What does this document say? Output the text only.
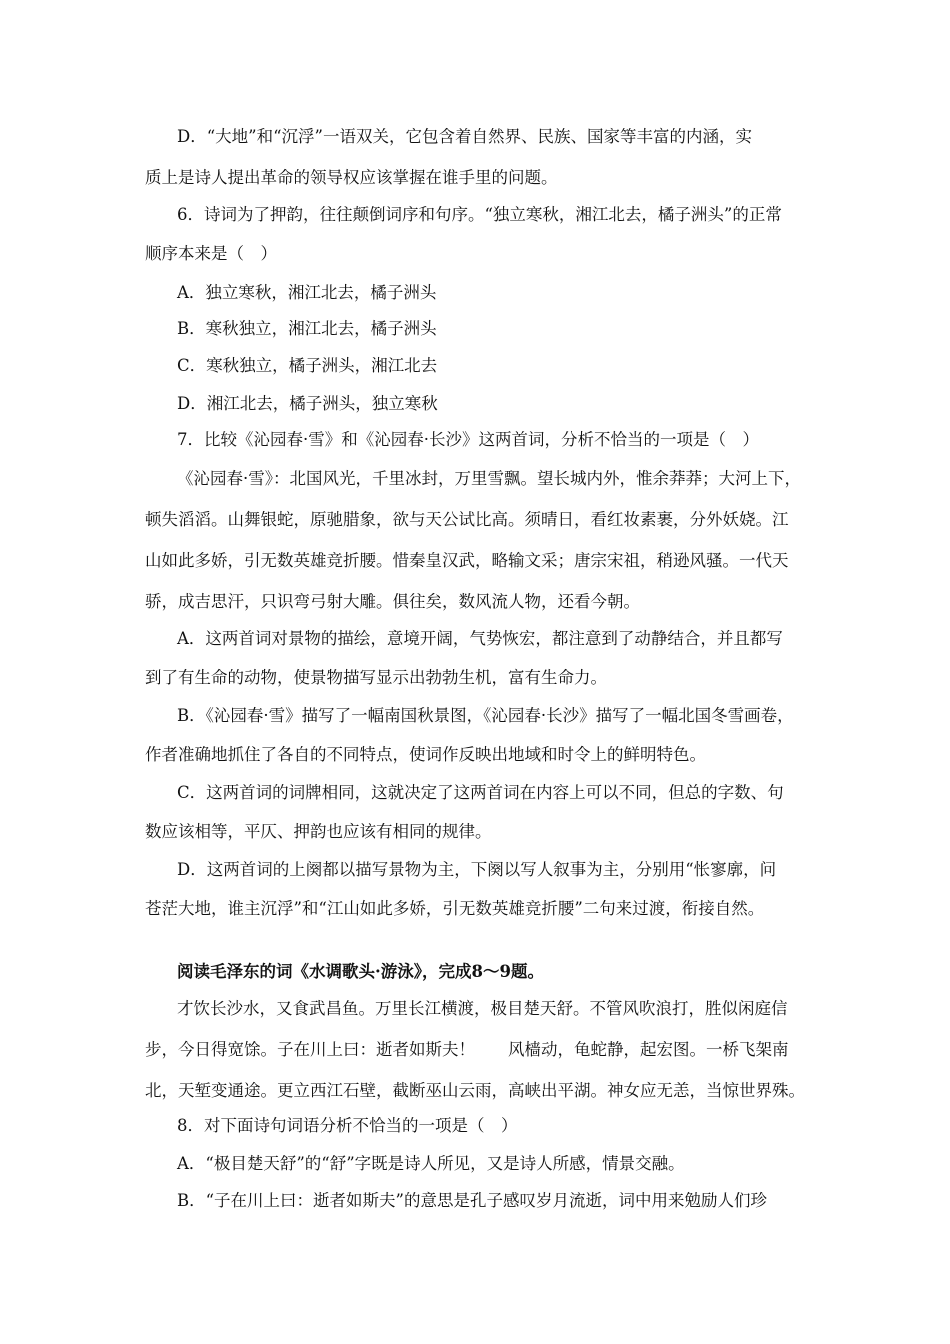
D．“大地”和“沉浮”一语双关，它包含着自然界、民族、国家等丰富的内涵，实

质上是诗人提出革命的领导权应该掌握在谁手里的问题。

6．诗词为了押韵，往往颠倒词序和句序。“独立寒秋，湘江北去，橘子洲头”的正常

顺序本来是（　）

A．独立寒秋，湘江北去，橘子洲头

B．寒秋独立，湘江北去，橘子洲头

C．寒秋独立，橘子洲头，湘江北去

D．湘江北去，橘子洲头，独立寒秋

7．比较《沁园春·雪》和《沁园春·长沙》这两首词，分析不恰当的一项是（　）

《沁园春·雪》：北国风光，千里冰封，万里雪飘。望长城内外，惟余莽莽；大河上下，

顿失滔滔。山舞银蛇，原驰腊象，欲与天公试比高。须晴日，看红妆素裹，分外妖娆。江

山如此多娇，引无数英雄竞折腰。惜秦皇汉武，略输文采；唐宗宋祖，稍逊风骚。一代天

骄，成吉思汗，只识弯弓射大雕。俱往矣，数风流人物，还看今朝。

A．这两首词对景物的描绘，意境开阔，气势恢宏，都注意到了动静结合，并且都写

到了有生命的动物，使景物描写显示出勃勃生机，富有生命力。

B．《沁园春·雪》描写了一幅南国秋景图，《沁园春·长沙》描写了一幅北国冬雪画卷，

作者准确地抓住了各自的不同特点，使词作反映出地域和时令上的鲜明特色。

C．这两首词的词牌相同，这就决定了这两首词在内容上可以不同，但总的字数、句

数应该相等，平仄、押韵也应该有相同的规律。

D．这两首词的上阕都以描写景物为主，下阕以写人叙事为主，分别用“怅寥廓，问

苍茫大地，谁主沉浮”和“江山如此多娇，引无数英雄竞折腰”二句来过渡，衔接自然。

阅读毛泽东的词《水调歌头·游泳》，完成8～9题。

才饮长沙水，又食武昌鱼。万里长江横渡，极目楚天舒。不管风吹浪打，胜似闲庭信

步，今日得宽馀。子在川上曰：逝者如斯夫！　　风樯动，龟蛇静，起宏图。一桥飞架南

北，天堑变通途。更立西江石壁，截断巫山云雨，高峡出平湖。神女应无恙，当惊世界殊。

8．对下面诗句词语分析不恰当的一项是（　）

A．“极目楚天舒”的“舒”字既是诗人所见，又是诗人所感，情景交融。

B．“子在川上曰：逝者如斯夫”的意思是孔子感叹岁月流逝，词中用来勉励人们珍
